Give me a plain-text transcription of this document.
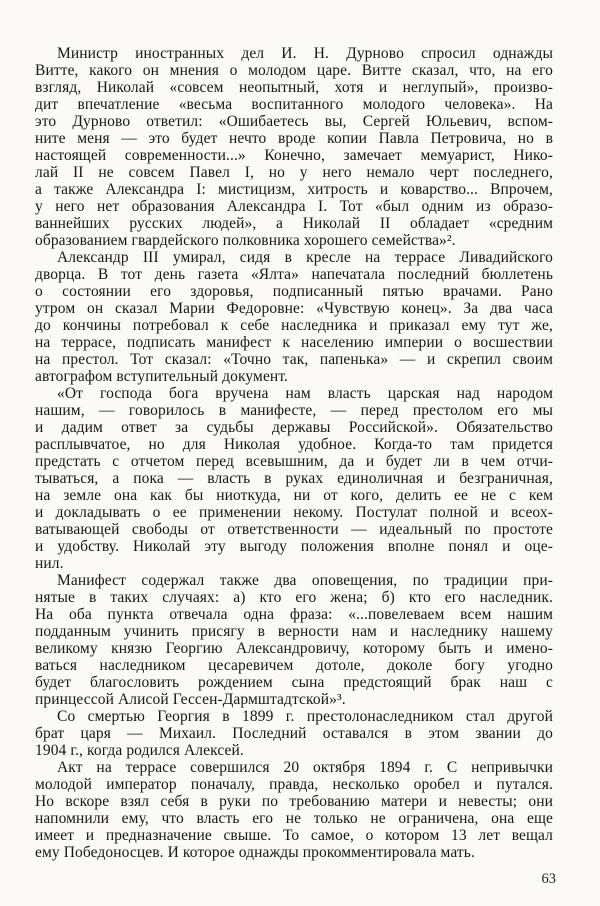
Министр иностранных дел И. Н. Дурново спросил однажды
Витте, какого он мнения о молодом царе. Витте сказал, что, на его
взгляд, Николай «совсем неопытный, хотя и неглупый», произво-
дит впечатление «весьма воспитанного молодого человека». На
это Дурново ответил: «Ошибаетесь вы, Сергей Юльевич, вспом-
ните меня — это будет нечто вроде копии Павла Петровича, но в
настоящей современности...» Конечно, замечает мемуарист, Нико-
лай II не совсем Павел I, но у него немало черт последнего,
а также Александра I: мистицизм, хитрость и коварство... Впрочем,
у него нет образования Александра I. Тот «был одним из образо-
ваннейших русских людей», а Николай II обладает «средним
образованием гвардейского полковника хорошего семейства»².
Александр III умирал, сидя в кресле на террасе Ливадийского
дворца. В тот день газета «Ялта» напечатала последний бюллетень
о состоянии его здоровья, подписанный пятью врачами. Рано
утром он сказал Марии Федоровне: «Чувствую конец». За два часа
до кончины потребовал к себе наследника и приказал ему тут же,
на террасе, подписать манифест к населению империи о восшествии
на престол. Тот сказал: «Точно так, папенька» — и скрепил своим
автографом вступительный документ.
«От господа бога вручена нам власть царская над народом
нашим, — говорилось в манифесте, — перед престолом его мы
и дадим ответ за судьбы державы Российской». Обязательство
расплывчатое, но для Николая удобное. Когда-то там придется
предстать с отчетом перед всевышним, да и будет ли в чем отчи-
тываться, а пока — власть в руках единоличная и безграничная,
на земле она как бы ниоткуда, ни от кого, делить ее не с кем
и докладывать о ее применении некому. Постулат полной и всеох-
ватывающей свободы от ответственности — идеальный по простоте
и удобству. Николай эту выгоду положения вполне понял и оце-
нил.
Манифест содержал также два оповещения, по традиции при-
нятые в таких случаях: а) кто его жена; б) кто его наследник.
На оба пункта отвечала одна фраза: «...повелеваем всем нашим
подданным учинить присягу в верности нам и наследнику нашему
великому князю Георгию Александровичу, которому быть и имено-
ваться наследником цесаревичем дотоле, доколе богу угодно
будет благословить рождением сына предстоящий брак наш с
принцессой Алисой Гессен-Дармштадтской»³.
Со смертью Георгия в 1899 г. престолонаследником стал другой
брат царя — Михаил. Последний оставался в этом звании до
1904 г., когда родился Алексей.
Акт на террасе совершился 20 октября 1894 г. С непривычки
молодой император поначалу, правда, несколько оробел и путался.
Но вскоре взял себя в руки по требованию матери и невесты; они
напомнили ему, что власть его не только не ограничена, она еще
имеет и предназначение свыше. То самое, о котором 13 лет вещал
ему Победоносцев. И которое однажды прокомментировала мать.
63
